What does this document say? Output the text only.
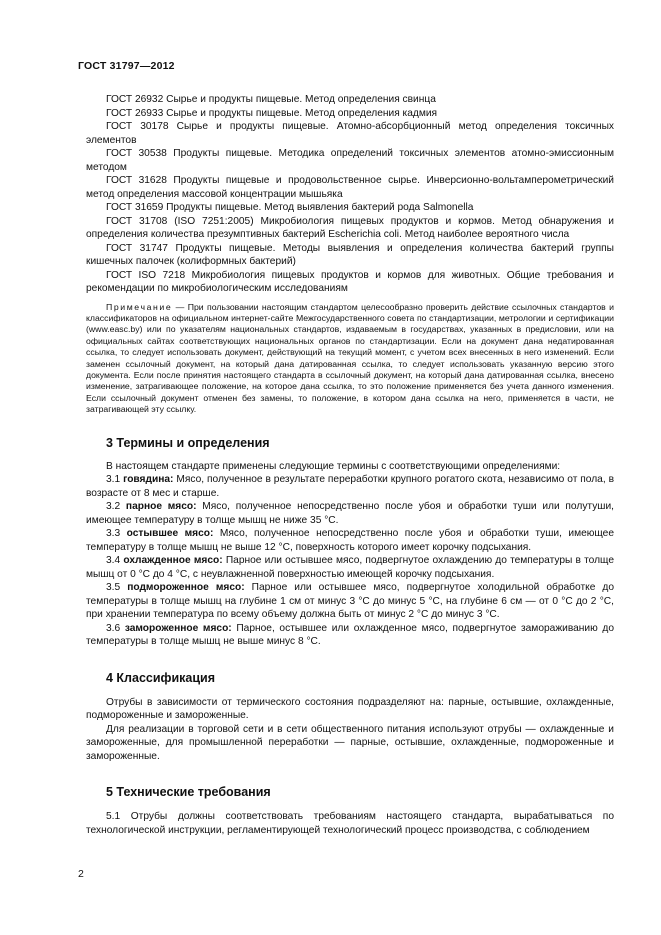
ГОСТ 31797—2012

ГОСТ 26932 Сырье и продукты пищевые. Метод определения свинца

ГОСТ 26933 Сырье и продукты пищевые. Метод определения кадмия

ГОСТ 30178 Сырье и продукты пищевые. Атомно-абсорбционный метод определения токсичных элементов

ГОСТ 30538 Продукты пищевые. Методика определений токсичных элементов атомно-эмиссионным методом

ГОСТ 31628 Продукты пищевые и продовольственное сырье. Инверсионно-вольтамперометрический метод определения массовой концентрации мышьяка

ГОСТ 31659 Продукты пищевые. Метод выявления бактерий рода Salmonella

ГОСТ 31708 (ISO 7251:2005) Микробиология пищевых продуктов и кормов. Метод обнаружения и определения количества презумптивных бактерий Escherichia coli. Метод наиболее вероятного числа

ГОСТ 31747 Продукты пищевые. Методы выявления и определения количества бактерий группы кишечных палочек (колиформных бактерий)

ГОСТ ISO 7218 Микробиология пищевых продуктов и кормов для животных. Общие требования и рекомендации по микробиологическим исследованиям

Примечание — При пользовании настоящим стандартом целесообразно проверить действие ссылочных стандартов и классификаторов на официальном интернет-сайте Межгосударственного совета по стандартизации, метрологии и сертификации (www.easc.by) или по указателям национальных стандартов, издаваемым в государствах, указанных в предисловии, или на официальных сайтах соответствующих национальных органов по стандартизации. Если на документ дана недатированная ссылка, то следует использовать документ, действующий на текущий момент, с учетом всех внесенных в него изменений. Если заменен ссылочный документ, на который дана датированная ссылка, то следует использовать указанную версию этого документа. Если после принятия настоящего стандарта в ссылочный документ, на который дана датированная ссылка, внесено изменение, затрагивающее положение, на которое дана ссылка, то это положение применяется без учета данного изменения. Если ссылочный документ отменен без замены, то положение, в котором дана ссылка на него, применяется в части, не затрагивающей эту ссылку.

3 Термины и определения

В настоящем стандарте применены следующие термины с соответствующими определениями:

3.1 говядина: Мясо, полученное в результате переработки крупного рогатого скота, независимо от пола, в возрасте от 8 мес и старше.

3.2 парное мясо: Мясо, полученное непосредственно после убоя и обработки туши или полутуши, имеющее температуру в толще мышц не ниже 35 °С.

3.3 остывшее мясо: Мясо, полученное непосредственно после убоя и обработки туши, имеющее температуру в толще мышц не выше 12 °С, поверхность которого имеет корочку подсыхания.

3.4 охлажденное мясо: Парное или остывшее мясо, подвергнутое охлаждению до температуры в толще мышц от 0 °С до 4 °С, с неувлажненной поверхностью имеющей корочку подсыхания.

3.5 подмороженное мясо: Парное или остывшее мясо, подвергнутое холодильной обработке до температуры в толще мышц на глубине 1 см от минус 3 °С до минус 5 °С, на глубине 6 см — от 0 °С до 2 °С, при хранении температура по всему объему должна быть от минус 2 °С до минус 3 °С.

3.6 замороженное мясо: Парное, остывшее или охлажденное мясо, подвергнутое замораживанию до температуры в толще мышц не выше минус 8 °С.

4 Классификация

Отрубы в зависимости от термического состояния подразделяют на: парные, остывшие, охлажденные, подмороженные и замороженные.

Для реализации в торговой сети и в сети общественного питания используют отрубы — охлажденные и замороженные, для промышленной переработки — парные, остывшие, охлажденные, подмороженные и замороженные.

5 Технические требования

5.1 Отрубы должны соответствовать требованиям настоящего стандарта, вырабатываться по технологической инструкции, регламентирующей технологический процесс производства, с соблюдением

2
